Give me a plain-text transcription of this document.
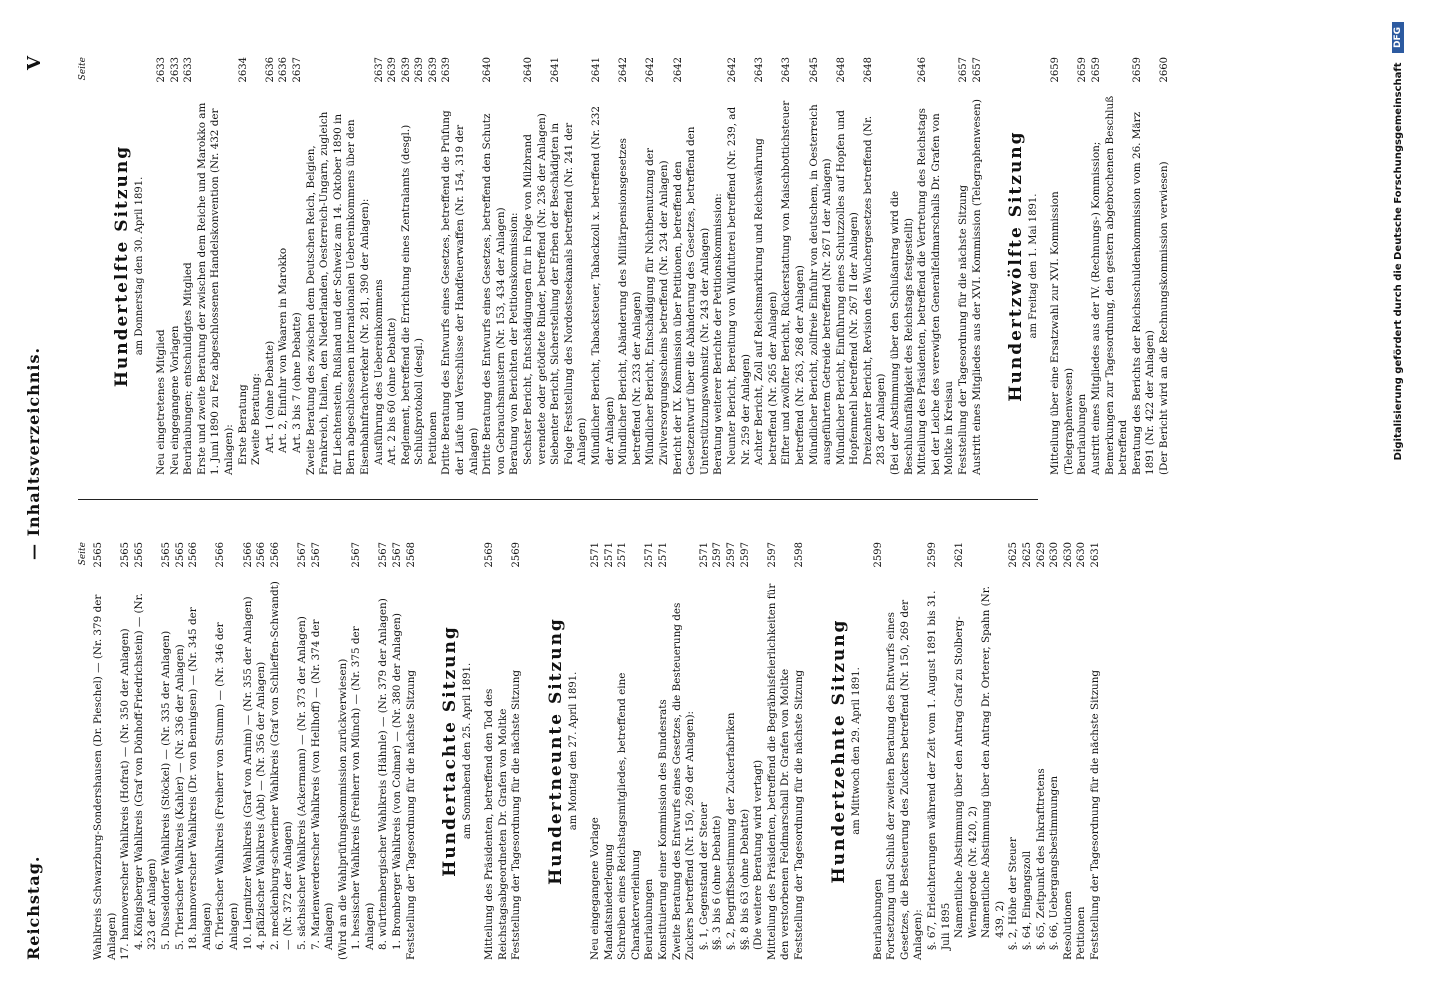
Reichstag.
— Inhaltsverzeichnis.
V
Seite
Wahlkreis Schwarzburg-Sondershausen (Dr. Pieschel) — (Nr. 379 der Anlagen)
2565
17. hannoverscher Wahlkreis (Hofrat) — (Nr. 350 der Anlagen)
2565
4. Königsberger Wahlkreis (Graf von Dönhoff-Friedrichstein) — (Nr. 323 der Anlagen)
2565
5. Düsseldorfer Wahlkreis (Stöckel) — (Nr. 335 der Anlagen)
2565
5. Trierischer Wahlkreis (Kahler) — (Nr. 336 der Anlagen)
2565
18. hannoverscher Wahlkreis (Dr. von Bennigsen) — (Nr. 345 der Anlagen)
2566
6. Trierischer Wahlkreis (Freiherr von Stumm) — (Nr. 346 der Anlagen)
2566
10. Liegnitzer Wahlkreis (Graf von Arnim) — (Nr. 355 der Anlagen)
2566
4. pfälzischer Wahlkreis (Abt) — (Nr. 356 der Anlagen)
2566
2. mecklenburg-schweriner Wahlkreis (Graf von Schlieffen-Schwandt) — (Nr. 372 der Anlagen)
2566
5. sächsischer Wahlkreis (Ackermann) — (Nr. 373 der Anlagen)
2567
7. Marienwerderscher Wahlkreis (von Hellhoff) — (Nr. 374 der Anlagen)
2567
(Wird an die Wahlprüfungskommission zurückverwiesen) 1. hessischer Wahlkreis (Freiherr von Münch) — (Nr. 375 der Anlagen)
2567
8. württembergischer Wahlkreis (Hähnle) — (Nr. 379 der Anlagen)
2567
1. Bromberger Wahlkreis (von Colmar) — (Nr. 380 der Anlagen)
2567
Feststellung der Tagesordnung für die nächste Sitzung
2568
Hundertachte Sitzung am Sonnabend den 25. April 1891. Mitteilung des Präsidenten, betreffend den Tod des Reichstagsabgeordneten Dr. Grafen von Moltke
2569
Feststellung der Tagesordnung für die nächste Sitzung
2569
Hundertneunte Sitzung am Montag den 27. April 1891.
Neu eingegangene Vorlage
2571
Mandatsniederlegung
2571
Schreiben eines Reichstagsmitgliedes, betreffend eine Charakterverleihung
2571
Beurlaubungen
2571
Konstituierung einer Kommission des Bundesrats
2571
Zweite Beratung des Entwurfs eines Gesetzes, die Besteuerung des Zuckers betreffend (Nr. 150, 269 der Anlagen): §. 1, Gegenstand der Steuer
2571
§§. 3 bis 6 (ohne Debatte)
2597
§. 2, Begriffsbestimmung der Zuckerfabriken
2597
§§. 8 bis 63 (ohne Debatte)
2597
(Die weitere Beratung wird vertagt) Mitteilung des Präsidenten, betreffend die Begräbnisfeierlichkeiten für den verstorbenen Feldmarschall Dr. Grafen von Moltke
2597
Feststellung der Tagesordnung für die nächste Sitzung
2598
Hundertzehnte Sitzung am Mittwoch den 29. April 1891.
Beurlaubungen
2599
Fortsetzung und Schluß der zweiten Beratung des Entwurfs eines Gesetzes, die Besteuerung des Zuckers betreffend (Nr. 150, 269 der Anlagen): §. 67, Erleichterungen während der Zeit vom 1. August 1891 bis 31. Juli 1895
2599
Namentliche Abstimmung über den Antrag Graf zu Stolberg-Wernigerode (Nr. 420, 2)
2621
Namentliche Abstimmung über den Antrag Dr. Orterer, Spahn (Nr. 439, 2) §. 2, Höhe der Steuer
2625
§. 64, Eingangszoll
2625
§. 65, Zeitpunkt des Inkrafttretens
2629
§. 66, Uebergangsbestimmungen
2630
Resolutionen
2630
Petitionen
2630
Feststellung der Tagesordnung für die nächste Sitzung
2631
Seite
Hundertelfte Sitzung am Donnerstag den 30. April 1891.
Neu eingetretenes Mitglied
2633
Neu eingegangene Vorlagen
2633
Beurlaubungen; entschuldigtes Mitglied
2633
Erste und zweite Beratung der zwischen dem Reiche und Marokko am 1. Juni 1890 zu Fez abgeschlossenen Handelskonvention (Nr. 432 der Anlagen): Erste Beratung
2634
Zweite Beratung: Art. 1 (ohne Debatte)
2636
Art. 2, Einfuhr von Waaren in Marokko
2636
Art. 3 bis 7 (ohne Debatte)
2637
Zweite Beratung des zwischen dem Deutschen Reich, Belgien, Frankreich, Italien, den Niederlanden, Oesterreich-Ungarn, zugleich für Liechtenstein, Rußland und der Schweiz am 14. Oktober 1890 in Bern abgeschlossenen internationalen Uebereinkommens über den Eisenbahnfrachtverkehr (Nr. 281, 390 der Anlagen): Ausführung des Uebereinkommens
2637
Art. 2 bis 60 (ohne Debatte)
2639
Reglement, betreffend die Errichtung eines Zentralamts (desgl.)
2639
Schlußprotokoll (desgl.)
2639
Petitionen
2639
Dritte Beratung des Entwurfs eines Gesetzes, betreffend die Prüfung der Läufe und Verschlüsse der Handfeuerwaffen (Nr. 154, 319 der Anlagen)
2639
Dritte Beratung des Entwurfs eines Gesetzes, betreffend den Schutz von Gebrauchsmustern (Nr. 153, 434 der Anlagen)
2640
Beratung von Berichten der Petitionskommission: Sechster Bericht, Entschädigungen für in Folge von Milzbrand verendete oder getödtete Rinder, betreffend (Nr. 236 der Anlagen)
2640
Siebenter Bericht, Sicherstellung der Erben der Beschädigten in Folge Feststellung des Nordostseekanals betreffend (Nr. 241 der Anlagen)
2641
Mündlicher Bericht, Tabacksteuer, Tabackzoll x. betreffend (Nr. 232 der Anlagen)
2641
Mündlicher Bericht, Abänderung des Militärpensionsgesetzes betreffend (Nr. 233 der Anlagen)
2642
Mündlicher Bericht, Entschädigung für Nichtbenutzung der Zivilversorgungsscheins betreffend (Nr. 234 der Anlagen)
2642
Bericht der IX. Kommission über Petitionen, betreffend den Gesetzentwurf über die Abänderung des Gesetzes, betreffend den Unterstützungswohnsitz (Nr. 243 der Anlagen)
2642
Beratung weiterer Berichte der Petitionskommission: Neunter Bericht, Bereitung von Wildfutterei betreffend (Nr. 239, ad Nr. 259 der Anlagen)
2642
Achter Bericht, Zoll auf Reichsmarkirung und Reichswährung betreffend (Nr. 265 der Anlagen)
2643
Elfter und zwölfter Bericht, Rückerstattung von Maischbottichsteuer betreffend (Nr. 263, 268 der Anlagen)
2643
Mündlicher Bericht, zollfreie Einfuhr von deutschem, in Oesterreich ausgeführtem Getreide betreffend (Nr. 267 I der Anlagen)
2645
Mündlicher Bericht, Einführung eines Schutzzolles auf Hopfen und Hopfenmehl betreffend (Nr. 267 II der Anlagen)
2648
Dreizehnter Bericht, Revision des Wuchergesetzes betreffend (Nr. 283 der Anlagen)
2648
(Bei der Abstimmung über den Schlußantrag wird die Beschlußunfähigkeit des Reichstags festgestellt) Mitteilung des Präsidenten, betreffend die Vertretung des Reichstags bei der Leiche des verewigten Generalfeldmarschalls Dr. Grafen von Moltke in Kreisau
2646
Feststellung der Tagesordnung für die nächste Sitzung
2657
Austritt eines Mitgliedes aus der XVI. Kommission (Telegraphenwesen)
2657
Hundertzwölfte Sitzung am Freitag den 1. Mai 1891. Mitteilung über eine Ersatzwahl zur XVI. Kommission (Telegraphenwesen)
2659
Beurlaubungen
2659
Austritt eines Mitgliedes aus der IV. (Rechnungs-) Kommission; Bemerkungen zur Tagesordnung, den gestern abgebrochenen Beschluß betreffend
2659
Beratung des Berichts der Reichsschuldenkommission vom 26. März 1891 (Nr. 422 der Anlagen)
2659
(Der Bericht wird an die Rechnungskommission verwiesen)
2660	Digitalisierung gefördert durch die Deutsche Forschungsgemeinschaft DFG
